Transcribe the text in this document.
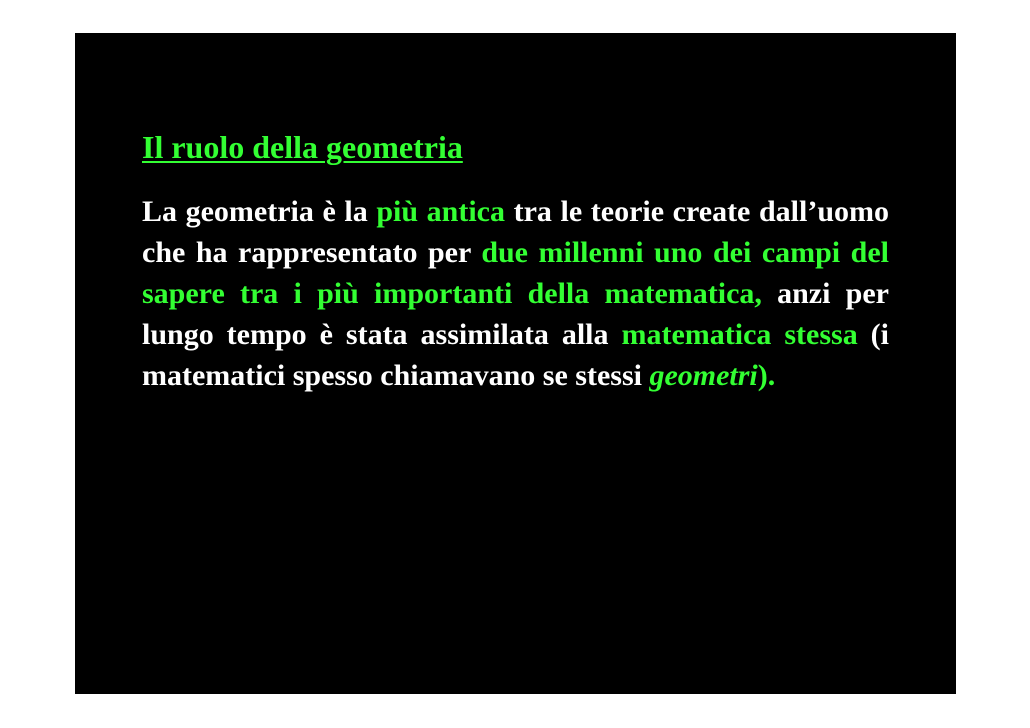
Il ruolo della geometria

La geometria è la più antica tra le teorie create dall’uomo che ha rappresentato per due millenni uno dei campi del sapere tra i più importanti della matematica, anzi per lungo tempo è stata assimilata alla matematica stessa (i matematici spesso chiamavano se stessi geometri).
